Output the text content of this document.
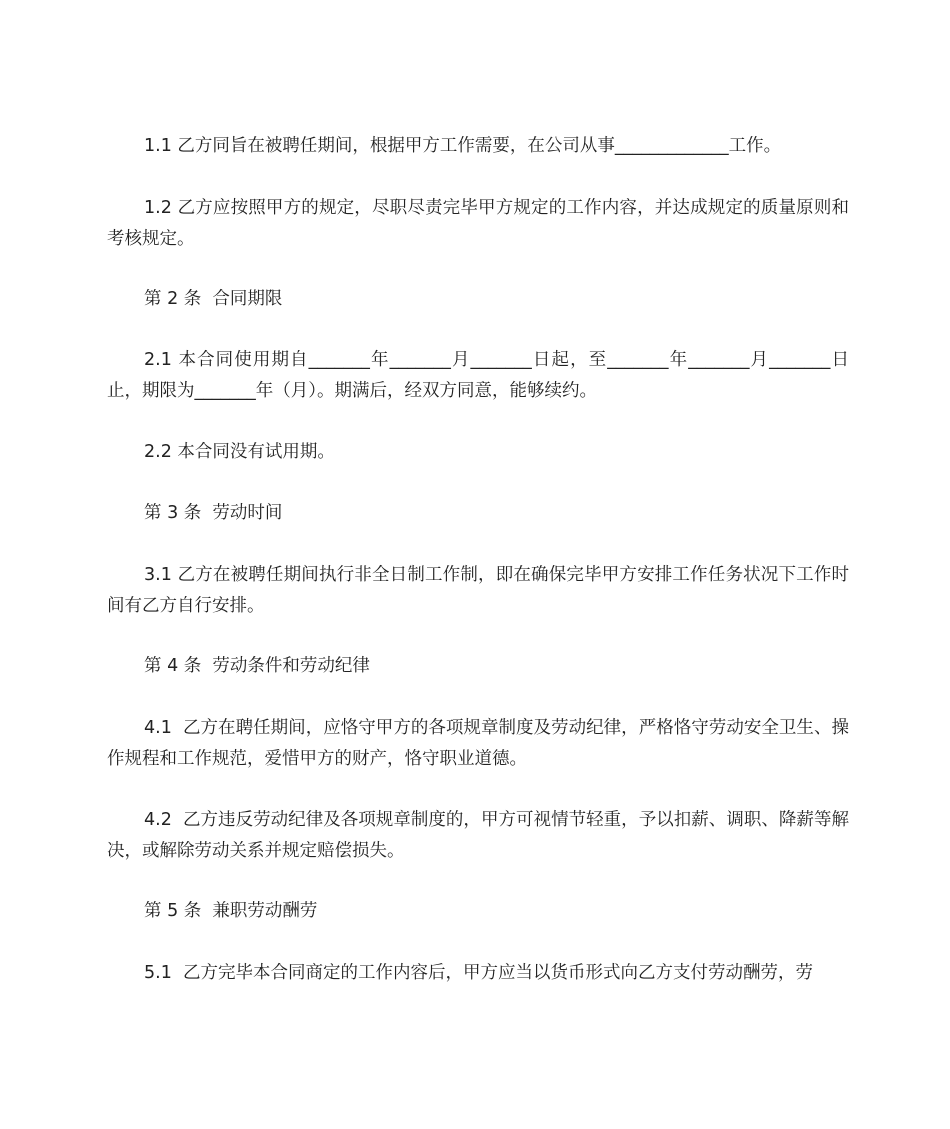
1.1 乙方同旨在被聘任期间，根据甲方工作需要，在公司从事_____________工作。

1.2 乙方应按照甲方的规定，尽职尽责完毕甲方规定的工作内容，并达成规定的质量原则和考核规定。

第 2 条  合同期限

2.1 本合同使用期自_______年_______月_______日起，至_______年_______月_______日止，期限为_______年（月）。期满后，经双方同意，能够续约。

2.2 本合同没有试用期。

第 3 条  劳动时间

3.1 乙方在被聘任期间执行非全日制工作制，即在确保完毕甲方安排工作任务状况下工作时间有乙方自行安排。

第 4 条  劳动条件和劳动纪律

4.1  乙方在聘任期间，应恪守甲方的各项规章制度及劳动纪律，严格恪守劳动安全卫生、操作规程和工作规范，爱惜甲方的财产，恪守职业道德。

4.2  乙方违反劳动纪律及各项规章制度的，甲方可视情节轻重，予以扣薪、调职、降薪等解决，或解除劳动关系并规定赔偿损失。

第 5 条  兼职劳动酬劳

5.1  乙方完毕本合同商定的工作内容后，甲方应当以货币形式向乙方支付劳动酬劳，劳
